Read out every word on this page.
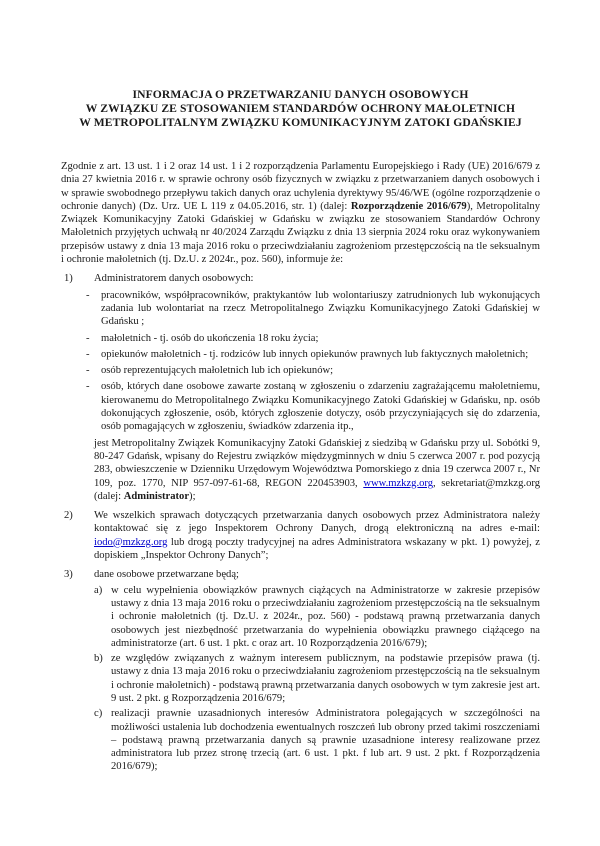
INFORMACJA O PRZETWARZANIU DANYCH OSOBOWYCH
W ZWIĄZKU ZE STOSOWANIEM STANDARDÓW OCHRONY MAŁOLETNICH
W METROPOLITALNYM ZWIĄZKU KOMUNIKACYJNYM ZATOKI GDAŃSKIEJ

Zgodnie z art. 13 ust. 1 i 2 oraz 14 ust. 1 i 2 rozporządzenia Parlamentu Europejskiego i Rady (UE) 2016/679 z dnia 27 kwietnia 2016 r. w sprawie ochrony osób fizycznych w związku z przetwarzaniem danych osobowych i w sprawie swobodnego przepływu takich danych oraz uchylenia dyrektywy 95/46/WE (ogólne rozporządzenie o ochronie danych) (Dz. Urz. UE L 119 z 04.05.2016, str. 1) (dalej: Rozporządzenie 2016/679), Metropolitalny Związek Komunikacyjny Zatoki Gdańskiej w Gdańsku w związku ze stosowaniem Standardów Ochrony Małoletnich przyjętych uchwałą nr 40/2024 Zarządu Związku z dnia 13 sierpnia 2024 roku oraz wykonywaniem przepisów ustawy z dnia 13 maja 2016 roku o przeciwdziałaniu zagrożeniom przestępczością na tle seksualnym i ochronie małoletnich (tj. Dz.U. z 2024r., poz. 560), informuje że:

1) Administratorem danych osobowych:

- pracowników, współpracowników, praktykantów lub wolontariuszy zatrudnionych lub wykonujących zadania lub wolontariat na rzecz Metropolitalnego Związku Komunikacyjnego Zatoki Gdańskiej w Gdańsku ;

- małoletnich - tj. osób do ukończenia 18 roku życia;

- opiekunów małoletnich - tj. rodziców lub innych opiekunów prawnych lub faktycznych małoletnich;

- osób reprezentujących małoletnich lub ich opiekunów;

- osób, których dane osobowe zawarte zostaną w zgłoszeniu o zdarzeniu zagrażającemu małoletniemu, kierowanemu do Metropolitalnego Związku Komunikacyjnego Zatoki Gdańskiej w Gdańsku, np. osób dokonujących zgłoszenie, osób, których zgłoszenie dotyczy, osób przyczyniających się do zdarzenia, osób pomagających w zgłoszeniu, świadków zdarzenia itp.,

jest Metropolitalny Związek Komunikacyjny Zatoki Gdańskiej z siedzibą w Gdańsku przy ul. Sobótki 9, 80-247 Gdańsk, wpisany do Rejestru związków międzygminnych w dniu 5 czerwca 2007 r. pod pozycją 283, obwieszczenie w Dzienniku Urzędowym Województwa Pomorskiego z dnia 19 czerwca 2007 r., Nr 109, poz. 1770, NIP 957-097-61-68, REGON 220453903, www.mzkzg.org, sekretariat@mzkzg.org (dalej: Administrator);

2) We wszelkich sprawach dotyczących przetwarzania danych osobowych przez Administratora należy kontaktować się z jego Inspektorem Ochrony Danych, drogą elektroniczną na adres e-mail: iodo@mzkzg.org lub drogą poczty tradycyjnej na adres Administratora wskazany w pkt. 1) powyżej, z dopiskiem „Inspektor Ochrony Danych”;

3) dane osobowe przetwarzane będą;

a) w celu wypełnienia obowiązków prawnych ciążących na Administratorze w zakresie przepisów ustawy z dnia 13 maja 2016 roku o przeciwdziałaniu zagrożeniom przestępczością na tle seksualnym i ochronie małoletnich (tj. Dz.U. z 2024r., poz. 560) - podstawą prawną przetwarzania danych osobowych jest niezbędność przetwarzania do wypełnienia obowiązku prawnego ciążącego na administratorze (art. 6 ust. 1 pkt. c oraz art. 10 Rozporządzenia 2016/679);

b) ze względów związanych z ważnym interesem publicznym, na podstawie przepisów prawa (tj. ustawy z dnia 13 maja 2016 roku o przeciwdziałaniu zagrożeniom przestępczością na tle seksualnym i ochronie małoletnich) - podstawą prawną przetwarzania danych osobowych w tym zakresie jest art. 9 ust. 2 pkt. g Rozporządzenia 2016/679;

c) realizacji prawnie uzasadnionych interesów Administratora polegających w szczególności na możliwości ustalenia lub dochodzenia ewentualnych roszczeń lub obrony przed takimi roszczeniami – podstawą prawną przetwarzania danych są prawnie uzasadnione interesy realizowane przez administratora lub przez stronę trzecią (art. 6 ust. 1 pkt. f lub art. 9 ust. 2 pkt. f Rozporządzenia 2016/679);
